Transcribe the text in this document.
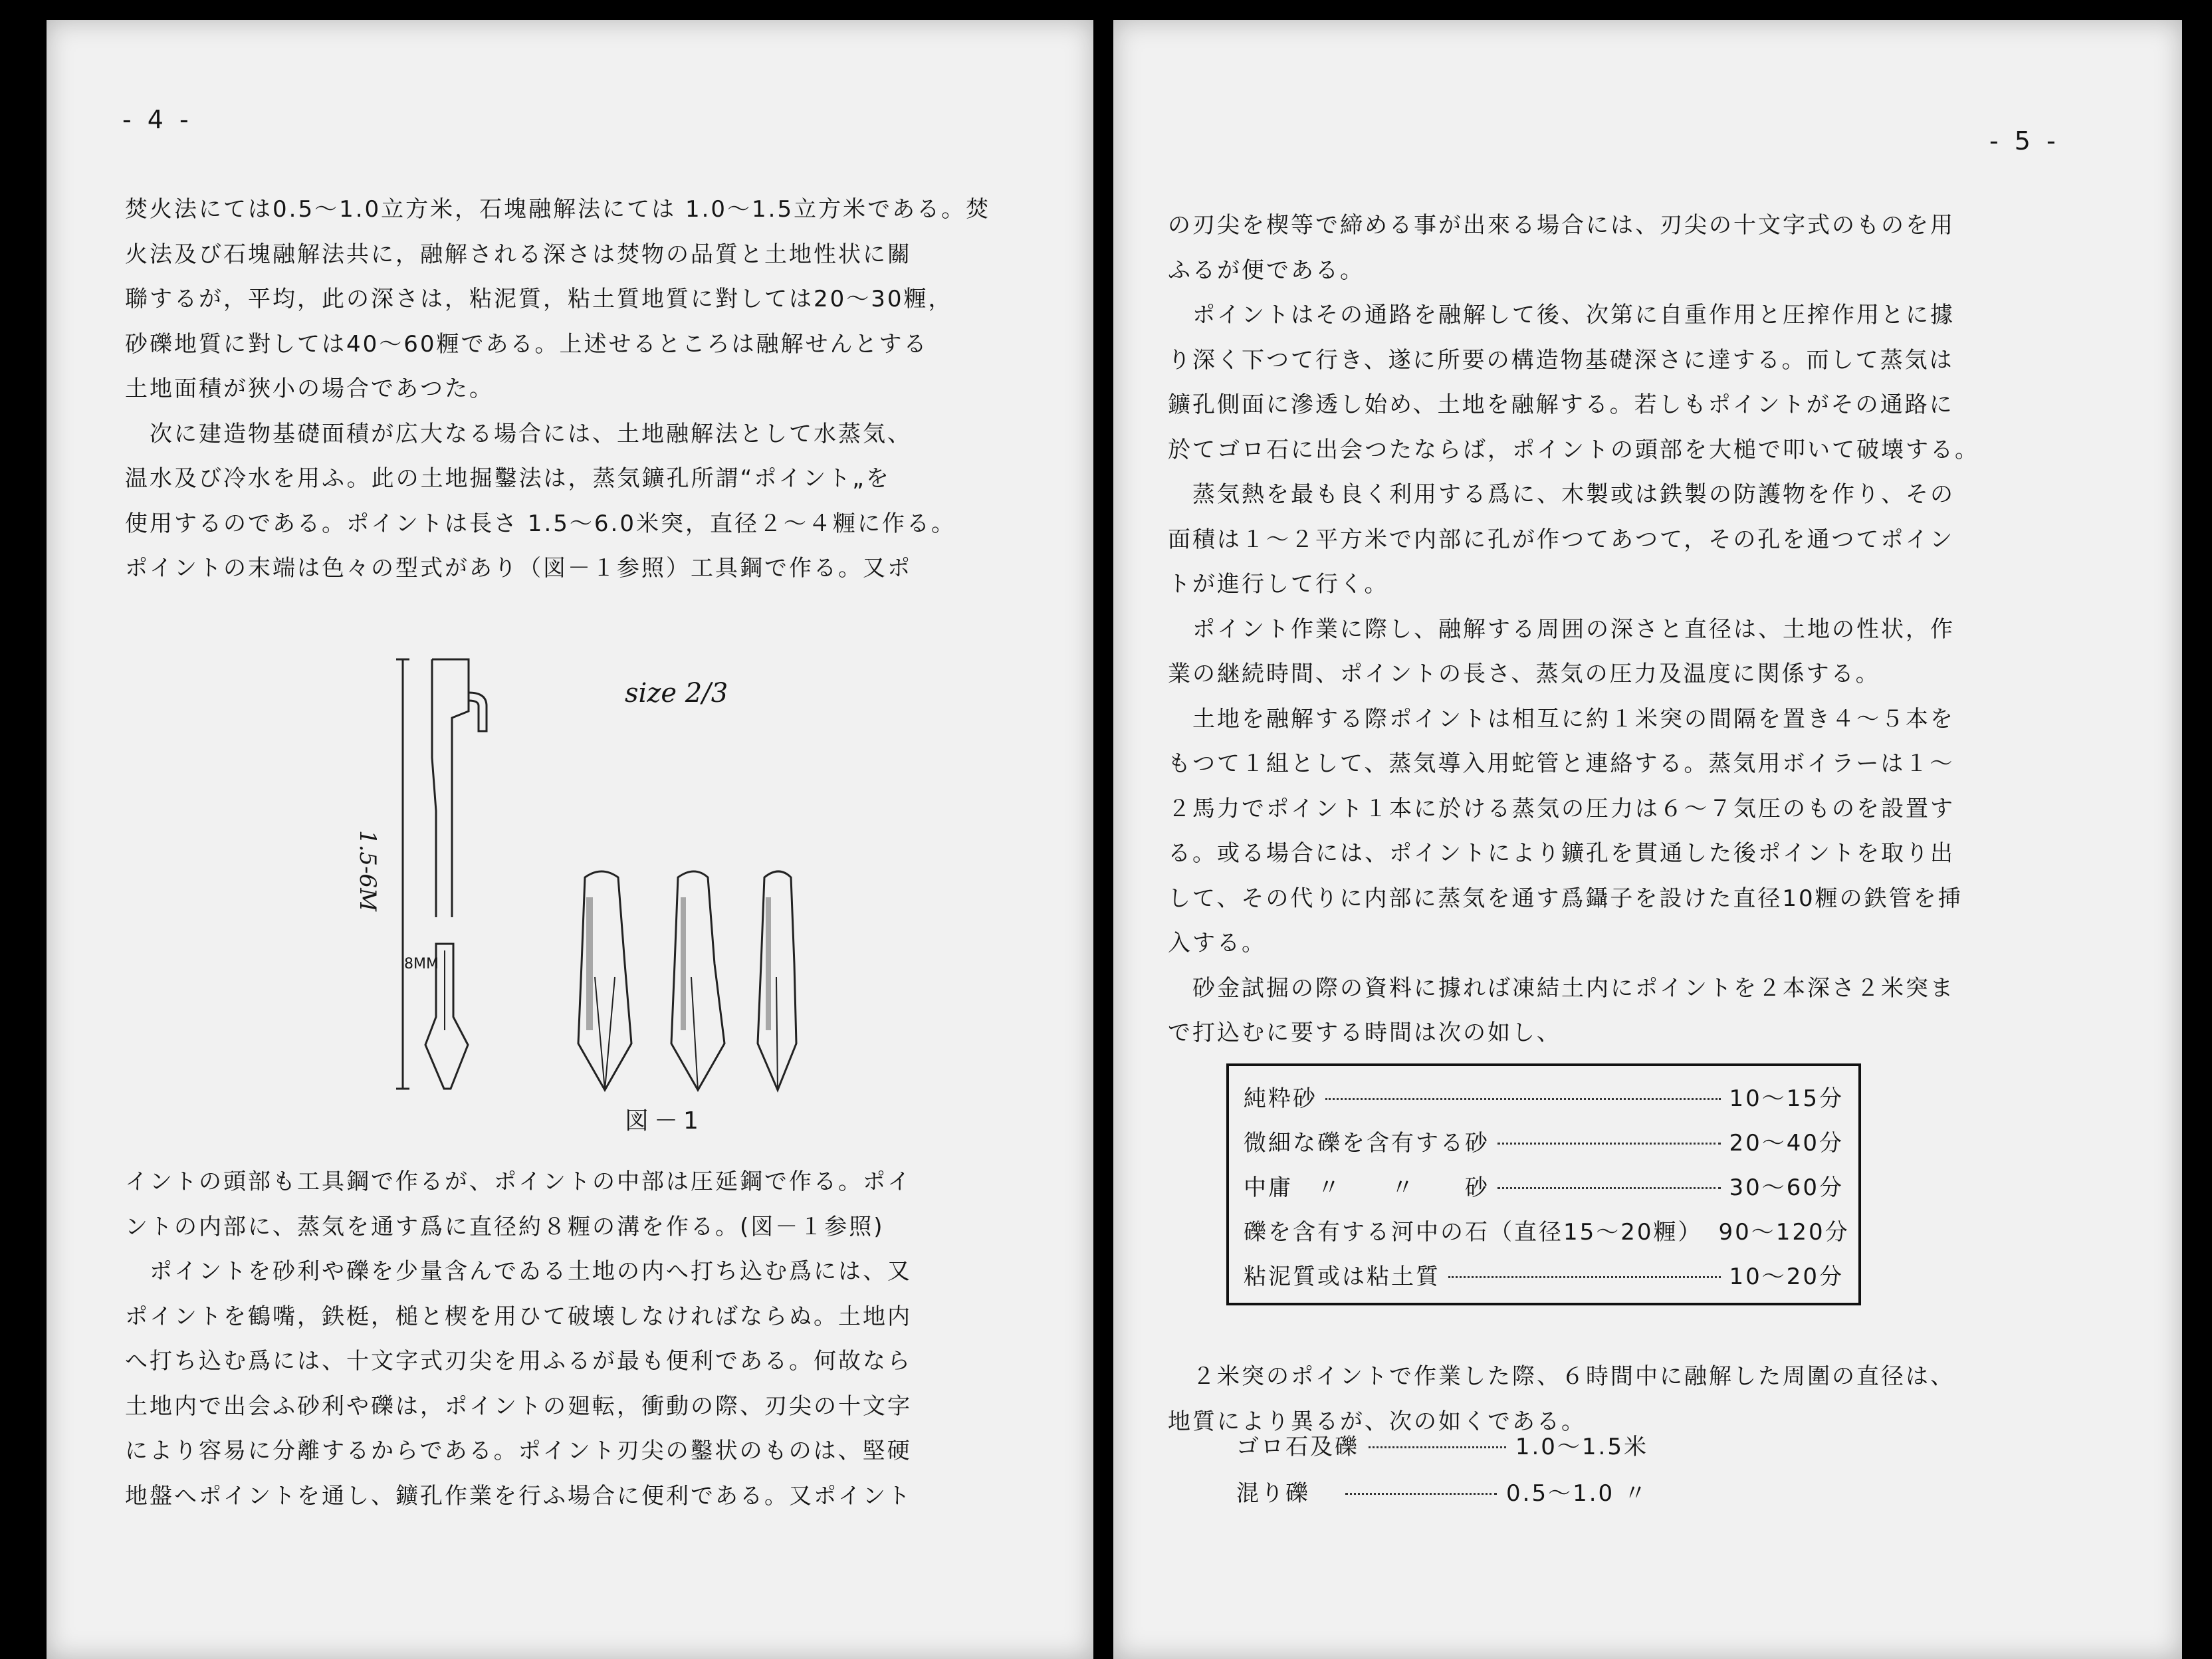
- 4 -

焚火法にては0.5～1.0立方米，石塊融解法にては 1.0～1.5立方米である。焚

火法及び石塊融解法共に，融解される深さは焚物の品質と土地性状に關

聯するが，平均，此の深さは，粘泥質，粘土質地質に對しては20～30糎，

砂礫地質に對しては40～60糎である。上述せるところは融解せんとする

土地面積が狹小の場合であつた。

　次に建造物基礎面積が広大なる場合には、土地融解法として水蒸気、

温水及び冷水を用ふ。此の土地掘鑿法は，蒸気鑛孔所謂“ポイント„を

使用するのである。ポイントは長さ 1.5～6.0米突，直径２～４糎に作る。

ポイントの末端は色々の型式があり（図－１参照）工具鋼で作る。又ポ

size 2/3
1.5-6M
8MM
図－1

イントの頭部も工具鋼で作るが、ポイントの中部は圧延鋼で作る。ポイ

ントの内部に、蒸気を通す爲に直径約８糎の溝を作る。(図－１参照)

　ポイントを砂利や礫を少量含んでゐる土地の内へ打ち込む爲には、又

ポイントを鶴嘴，鉄梃，槌と楔を用ひて破壊しなければならぬ。土地内

へ打ち込む爲には、十文字式刃尖を用ふるが最も便利である。何故なら

土地内で出会ふ砂利や礫は，ポイントの廻転，衝動の際、刃尖の十文字

により容易に分離するからである。ポイント刃尖の鑿状のものは、堅硬

地盤へポイントを通し、鑛孔作業を行ふ場合に便利である。又ポイント

- 5 -

の刃尖を楔等で締める事が出來る場合には、刃尖の十文字式のものを用

ふるが便である。

　ポイントはその通路を融解して後、次第に自重作用と圧搾作用とに據

り深く下つて行き、遂に所要の構造物基礎深さに達する。而して蒸気は

鑛孔側面に滲透し始め、土地を融解する。若しもポイントがその通路に

於てゴロ石に出会つたならば，ポイントの頭部を大槌で叩いて破壊する。

　蒸気熱を最も良く利用する爲に、木製或は鉄製の防護物を作り、その

面積は１～２平方米で内部に孔が作つてあつて，その孔を通つてポイン

トが進行して行く。

　ポイント作業に際し、融解する周囲の深さと直径は、土地の性状，作

業の継続時間、ポイントの長さ、蒸気の圧力及温度に関係する。

　土地を融解する際ポイントは相互に約１米突の間隔を置き４～５本を

もつて１組として、蒸気導入用蛇管と連絡する。蒸気用ボイラーは１～

２馬力でポイント１本に於ける蒸気の圧力は６～７気圧のものを設置す

る。或る場合には、ポイントにより鑛孔を貫通した後ポイントを取り出

して、その代りに内部に蒸気を通す爲鑷子を設けた直径10糎の鉄管を挿

入する。

　砂金試掘の際の資料に據れば凍結土内にポイントを２本深さ２米突ま

で打込むに要する時間は次の如し、

純粋砂	10～15分
微細な礫を含有する砂	20～40分
中庸　〃　　〃　　砂	30～60分
礫を含有する河中の石（直径15～20糎） 90～120分
粘泥質或は粘土質	10～20分

　２米突のポイントで作業した際、６時間中に融解した周圍の直径は、

地質により異るが、次の如くである。

ゴロ石及礫	1.0～1.5米
混り礫	0.5～1.0 〃
